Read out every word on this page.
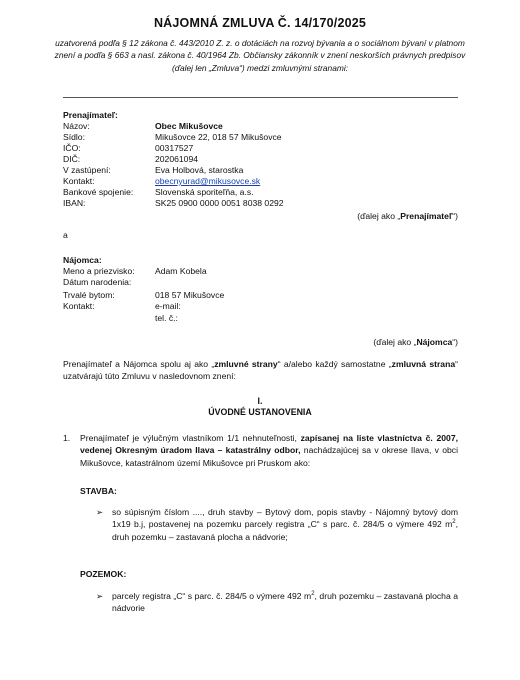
NÁJOMNÁ ZMLUVA Č. 14/170/2025
uzatvorená podľa § 12 zákona č. 443/2010 Z. z. o dotáciách na rozvoj bývania a o sociálnom bývaní v platnom znení a podľa § 663 a nasl. zákona č. 40/1964 Zb. Občiansky zákonník v znení neskorších právnych predpisov (ďalej len „Zmluva“) medzi zmluvnými stranami:
Prenajímateľ:
Názov:	Obec Mikušovce
Sídlo:	Mikušovce 22, 018 57 Mikušovce
IČO:	00317527
DIČ:	202061094
V zastúpení:	Eva Holbová, starostka
Kontakt:	obecnyurad@mikusovce.sk
Bankové spojenie:	Slovenská sporiteľňa, a.s.
IBAN:	SK25 0900 0000 0051 8038 0292
(ďalej ako „Prenajímateľ“)
a
Nájomca:
Meno a priezvisko: Adam Kobela
Dátum narodenia:
Trvalé bytom:	018 57 Mikušovce
Kontakt:	e-mail:
tel. č.:
(ďalej ako „Nájomca“)
Prenajímateľ a Nájomca spolu aj ako „zmluvné strany“ a/alebo každý samostatne „zmluvná strana“ uzatvárajú túto Zmluvu v nasledovnom znení:
I.
ÚVODNÉ USTANOVENIA
1. Prenajímateľ je výlučným vlastníkom 1/1 nehnuteľnosti, zapísanej na liste vlastníctva č. 2007, vedenej Okresným úradom Ilava – katastrálny odbor, nachádzajúcej sa v okrese Ilava, v obci Mikušovce, katastrálnom území Mikušovce pri Pruskom ako:
STAVBA:
➢ so súpisným číslom ...., druh stavby – Bytový dom, popis stavby - Nájomný bytový dom 1x19 b.j, postavenej na pozemku parcely registra „C“ s parc. č. 284/5 o výmere 492 $m^2$, druh pozemku – zastavaná plocha a nádvorie;
POZEMOK:
➢ parcely registra „C“ s parc. č. 284/5 o výmere 492 $m^2$, druh pozemku – zastavaná plocha a nádvorie
